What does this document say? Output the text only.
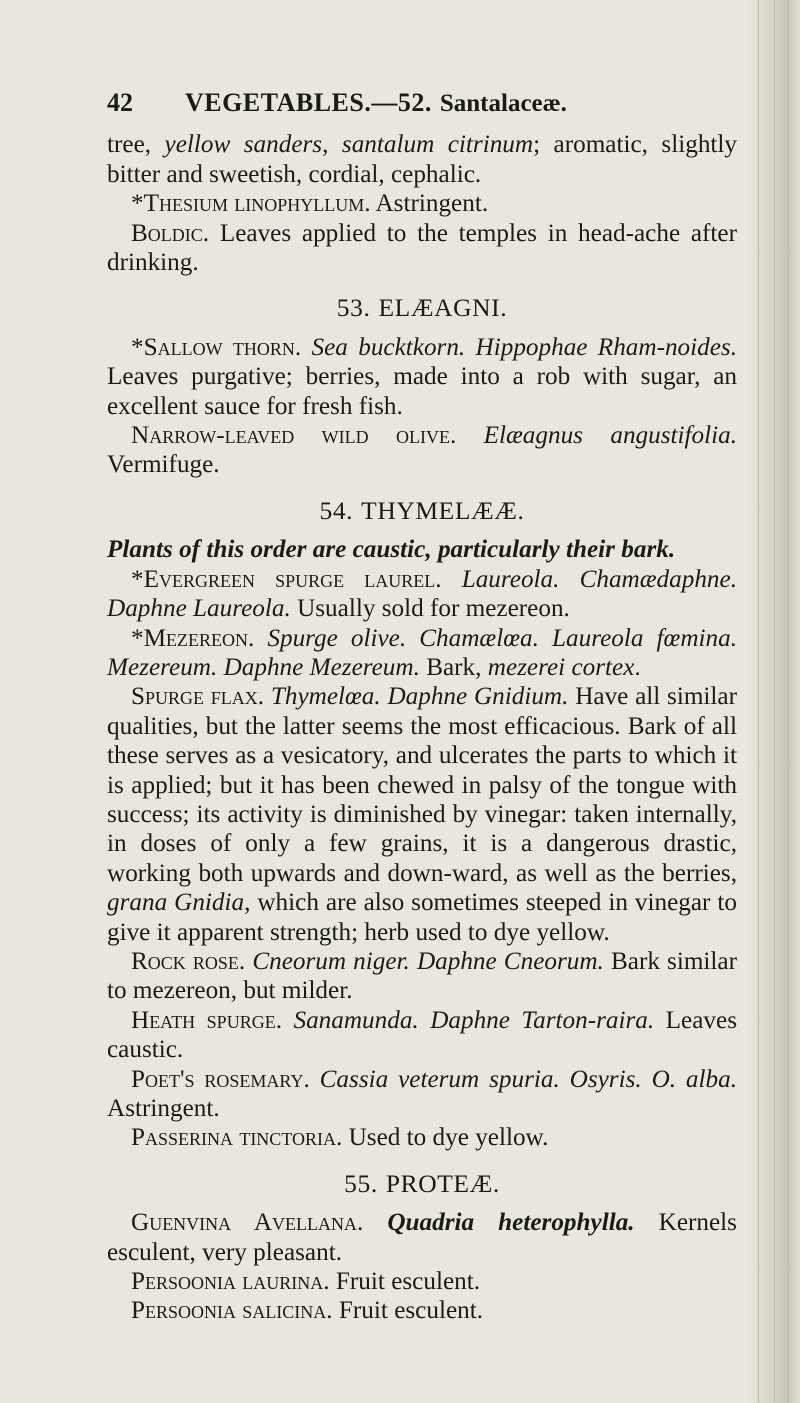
42	VEGETABLES.—52. Santalaceæ.

tree, yellow sanders, santalum citrinum; aromatic, slightly bitter and sweetish, cordial, cephalic.

*Thesium linophyllum. Astringent.

Boldic. Leaves applied to the temples in head-ache after drinking.

53. ELÆAGNI.

*Sallow thorn. Sea bucktkorn. Hippophae Rham-noides. Leaves purgative; berries, made into a rob with sugar, an excellent sauce for fresh fish.

Narrow-leaved wild olive. Elæagnus angustifolia. Vermifuge.

54. THYMELÆÆ.

Plants of this order are caustic, particularly their bark.

*Evergreen spurge laurel. Laureola. Chamædaphne. Daphne Laureola. Usually sold for mezereon.

*Mezereon. Spurge olive. Chamælœa. Laureola fœmina. Mezereum. Daphne Mezereum. Bark, mezerei cortex.

Spurge flax. Thymelœa. Daphne Gnidium. Have all similar qualities, but the latter seems the most efficacious. Bark of all these serves as a vesicatory, and ulcerates the parts to which it is applied; but it has been chewed in palsy of the tongue with success; its activity is diminished by vinegar: taken internally, in doses of only a few grains, it is a dangerous drastic, working both upwards and down-ward, as well as the berries, grana Gnidia, which are also sometimes steeped in vinegar to give it apparent strength; herb used to dye yellow.

Rock rose. Cneorum niger. Daphne Cneorum. Bark similar to mezereon, but milder.

Heath spurge. Sanamunda. Daphne Tarton-raira. Leaves caustic.

Poet's rosemary. Cassia veterum spuria. Osyris. O. alba. Astringent.

Passerina tinctoria. Used to dye yellow.

55. PROTEÆ.

Guenvina Avellana. Quadria heterophylla. Kernels esculent, very pleasant.

Persoonia laurina. Fruit esculent.

Persoonia salicina. Fruit esculent.
